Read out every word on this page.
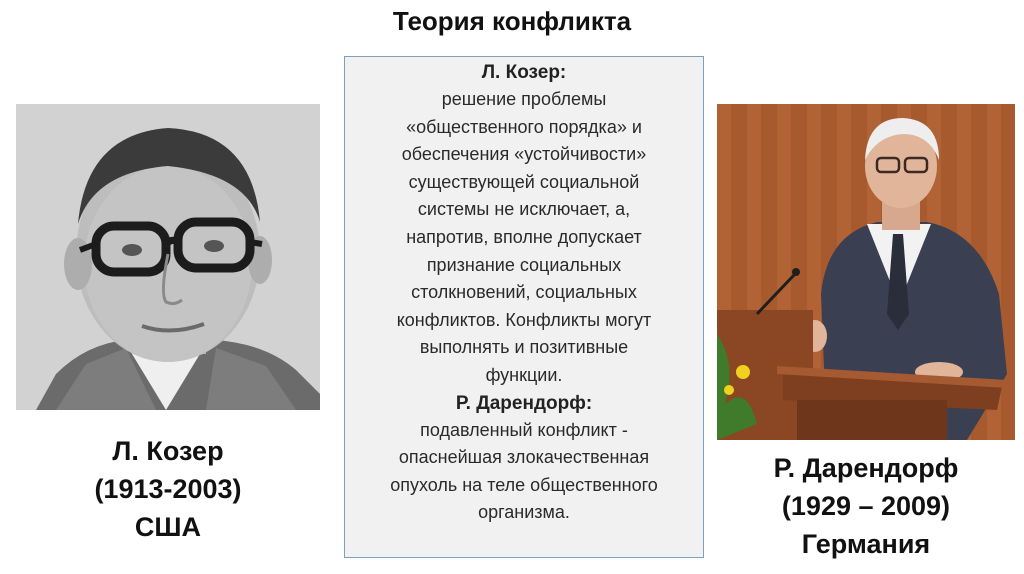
Теория конфликта
Л. Козер:
решение проблемы
«общественного порядка» и
обеспечения «устойчивости»
существующей социальной
системы не исключает, а,
напротив, вполне допускает
признание социальных
столкновений, социальных
конфликтов. Конфликты могут
выполнять и позитивные
функции.
Р. Дарендорф:
подавленный конфликт -
опаснейшая злокачественная
опухоль на теле общественного
организма.
Л. Козер
(1913-2003)
США
Р. Дарендорф
(1929 – 2009)
Германия
